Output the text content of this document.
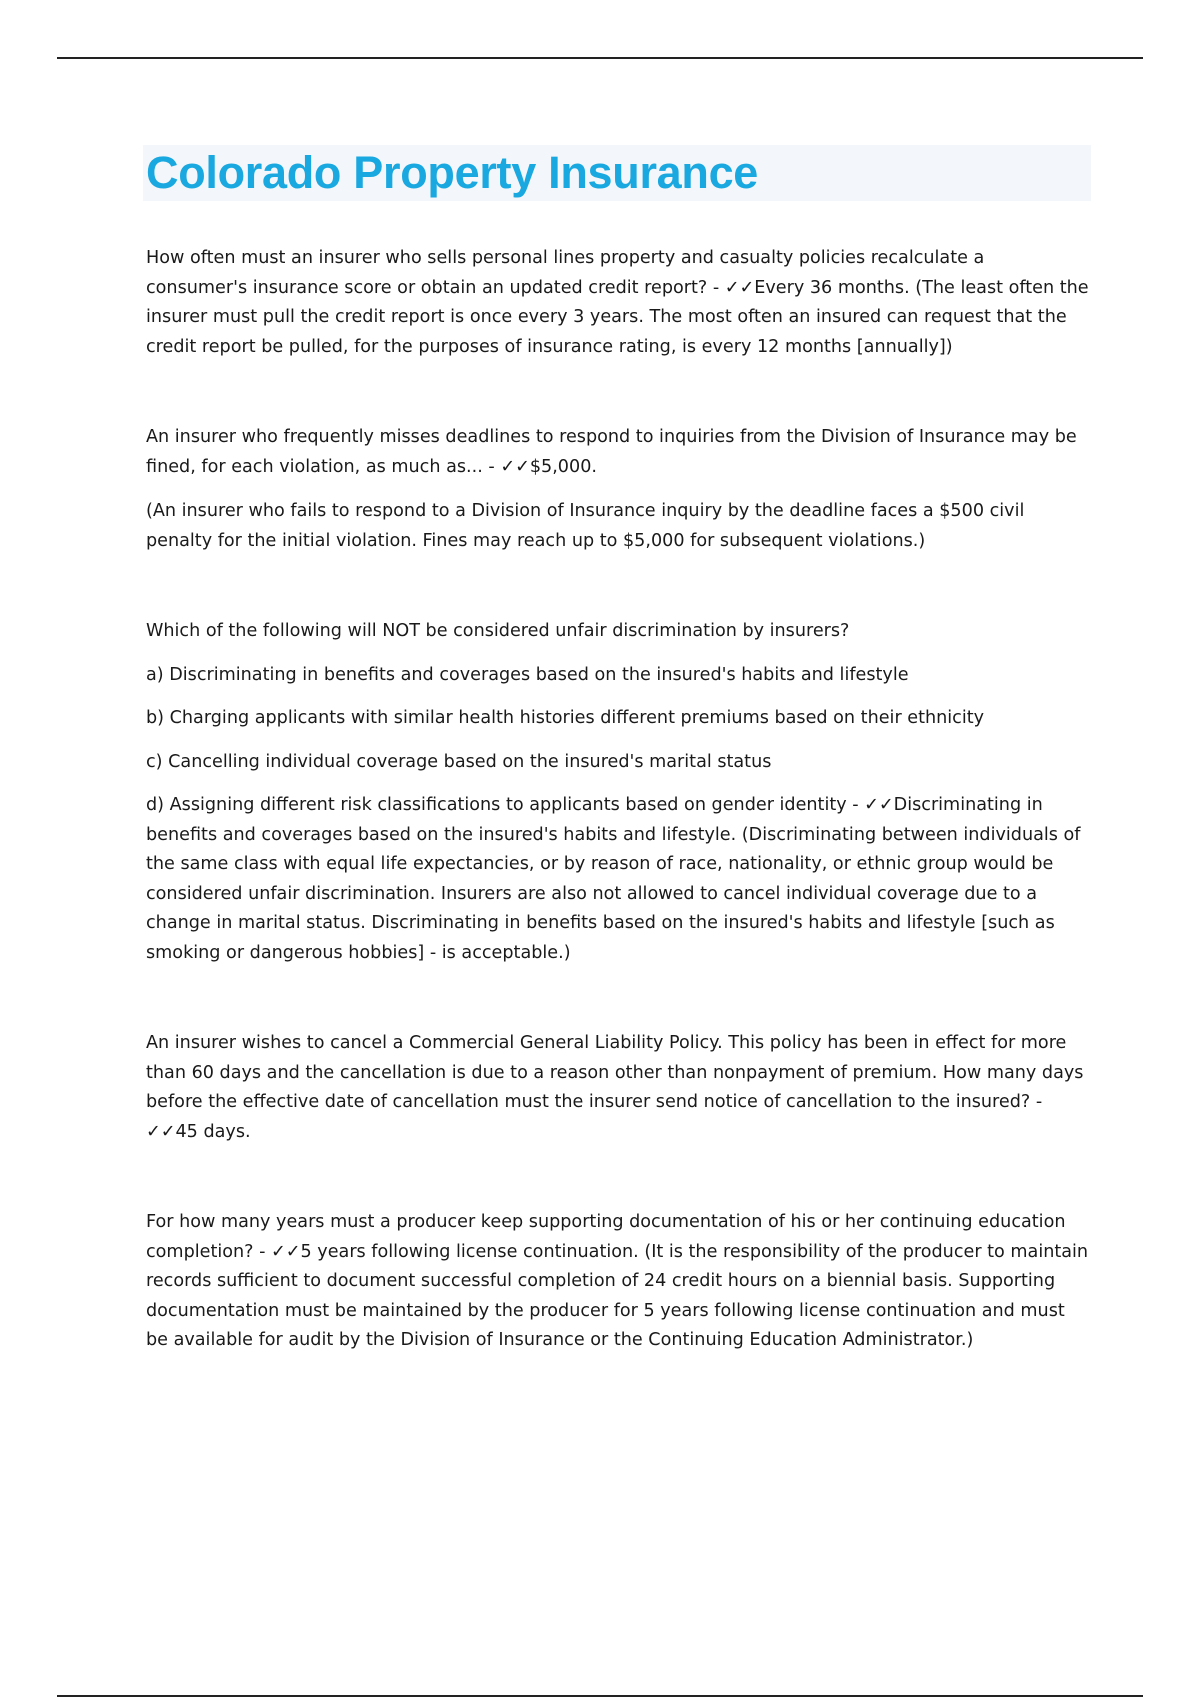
Colorado Property Insurance

How often must an insurer who sells personal lines property and casualty policies recalculate a consumer's insurance score or obtain an updated credit report? - ✓✓Every 36 months. (The least often the insurer must pull the credit report is once every 3 years. The most often an insured can request that the credit report be pulled, for the purposes of insurance rating, is every 12 months [annually])

An insurer who frequently misses deadlines to respond to inquiries from the Division of Insurance may be fined, for each violation, as much as... - ✓✓$5,000.

(An insurer who fails to respond to a Division of Insurance inquiry by the deadline faces a $500 civil penalty for the initial violation. Fines may reach up to $5,000 for subsequent violations.)

Which of the following will NOT be considered unfair discrimination by insurers?

a) Discriminating in benefits and coverages based on the insured's habits and lifestyle

b) Charging applicants with similar health histories different premiums based on their ethnicity

c) Cancelling individual coverage based on the insured's marital status

d) Assigning different risk classifications to applicants based on gender identity - ✓✓Discriminating in benefits and coverages based on the insured's habits and lifestyle. (Discriminating between individuals of the same class with equal life expectancies, or by reason of race, nationality, or ethnic group would be considered unfair discrimination. Insurers are also not allowed to cancel individual coverage due to a change in marital status. Discriminating in benefits based on the insured's habits and lifestyle [such as smoking or dangerous hobbies] - is acceptable.)

An insurer wishes to cancel a Commercial General Liability Policy. This policy has been in effect for more than 60 days and the cancellation is due to a reason other than nonpayment of premium. How many days before the effective date of cancellation must the insurer send notice of cancellation to the insured? - ✓✓45 days.

For how many years must a producer keep supporting documentation of his or her continuing education completion? - ✓✓5 years following license continuation. (It is the responsibility of the producer to maintain records sufficient to document successful completion of 24 credit hours on a biennial basis. Supporting documentation must be maintained by the producer for 5 years following license continuation and must be available for audit by the Division of Insurance or the Continuing Education Administrator.)
